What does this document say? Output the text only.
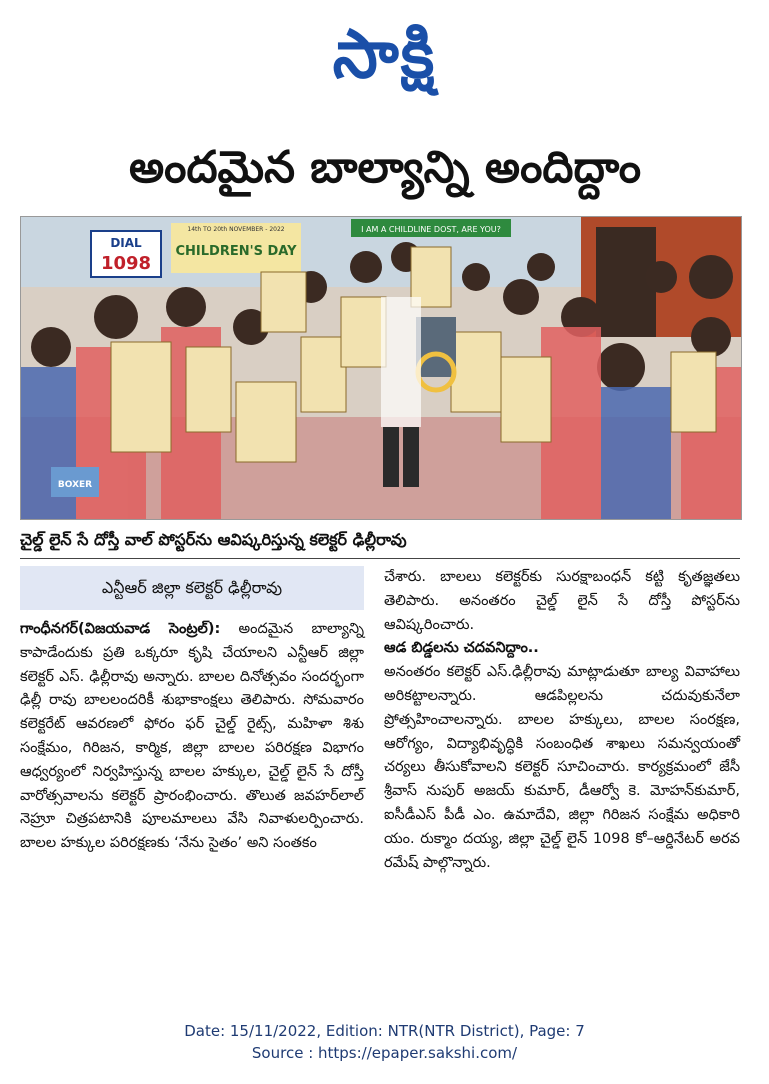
సాక్షి
అందమైన బాల్యాన్ని అందిద్దాం
DIAL
1098
14th TO 20th NOVEMBER - 2022
CHILDREN'S DAY
I AM A CHILDLINE DOST, ARE YOU?
BOXER
చైల్డ్ లైన్ సే దోస్తీ వాల్ పోస్టర్‌ను ఆవిష్కరిస్తున్న కలెక్టర్ ఢిల్లీరావు
ఎన్టీఆర్ జిల్లా కలెక్టర్ ఢిల్లీరావు

గాంధీనగర్(విజయవాడ సెంట్రల్): అందమైన బాల్యాన్ని కాపాడేందుకు ప్రతి ఒక్కరూ కృషి చేయాలని ఎన్టీఆర్ జిల్లా కలెక్టర్ ఎస్. ఢిల్లీరావు అన్నారు. బాలల దినోత్సవం సందర్భంగా ఢిల్లీ రావు బాలలందరికీ శుభాకాంక్షలు తెలిపారు. సోమవారం కలెక్టరేట్ ఆవరణలో ఫోరం ఫర్ చైల్డ్ రైట్స్, మహిళా శిశు సంక్షేమం, గిరిజన, కార్మిక, జిల్లా బాలల పరిరక్షణ విభాగం ఆధ్వర్యంలో నిర్వహిస్తున్న బాలల హక్కుల, చైల్డ్ లైన్ సే దోస్తీ వారోత్సవాలను కలెక్టర్ ప్రారంభించారు. తొలుత జవహర్‌లాల్ నెహ్రూ చిత్రపటానికి పూలమాలలు వేసి నివాళులర్పించారు. బాలల హక్కుల పరిరక్షణకు ‘నేను సైతం’ అని సంతకం

చేశారు. బాలలు కలెక్టర్‌కు సురక్షాబంధన్ కట్టి కృతజ్ఞతలు తెలిపారు. అనంతరం చైల్డ్ లైన్ సే దోస్తీ పోస్టర్‌ను ఆవిష్కరించారు.

ఆడ బిడ్డలను చదవనిద్దాం..

అనంతరం కలెక్టర్ ఎస్.ఢిల్లీరావు మాట్లాడుతూ బాల్య వివాహాలు అరికట్టాలన్నారు. ఆడపిల్లలను చదువుకునేలా ప్రోత్సహించాలన్నారు. బాలల హక్కులు, బాలల సంరక్షణ, ఆరోగ్యం, విద్యాభివృద్ధికి సంబంధిత శాఖలు సమన్వయంతో చర్యలు తీసుకోవాలని కలెక్టర్ సూచించారు. కార్యక్రమంలో జేసీ శ్రీవాస్ నుపుర్ అజయ్ కుమార్, డీఆర్వో కె. మోహన్‌కుమార్, ఐసీడీఎస్ పీడీ ఎం. ఉమాదేవి, జిల్లా గిరిజన సంక్షేమ అధికారి యం. రుక్మాం దయ్య, జిల్లా చైల్డ్ లైన్ 1098 కో–ఆర్డినేటర్ అరవ రమేష్ పాల్గొన్నారు.

Date: 15/11/2022, Edition: NTR(NTR District), Page: 7
Source : https://epaper.sakshi.com/
